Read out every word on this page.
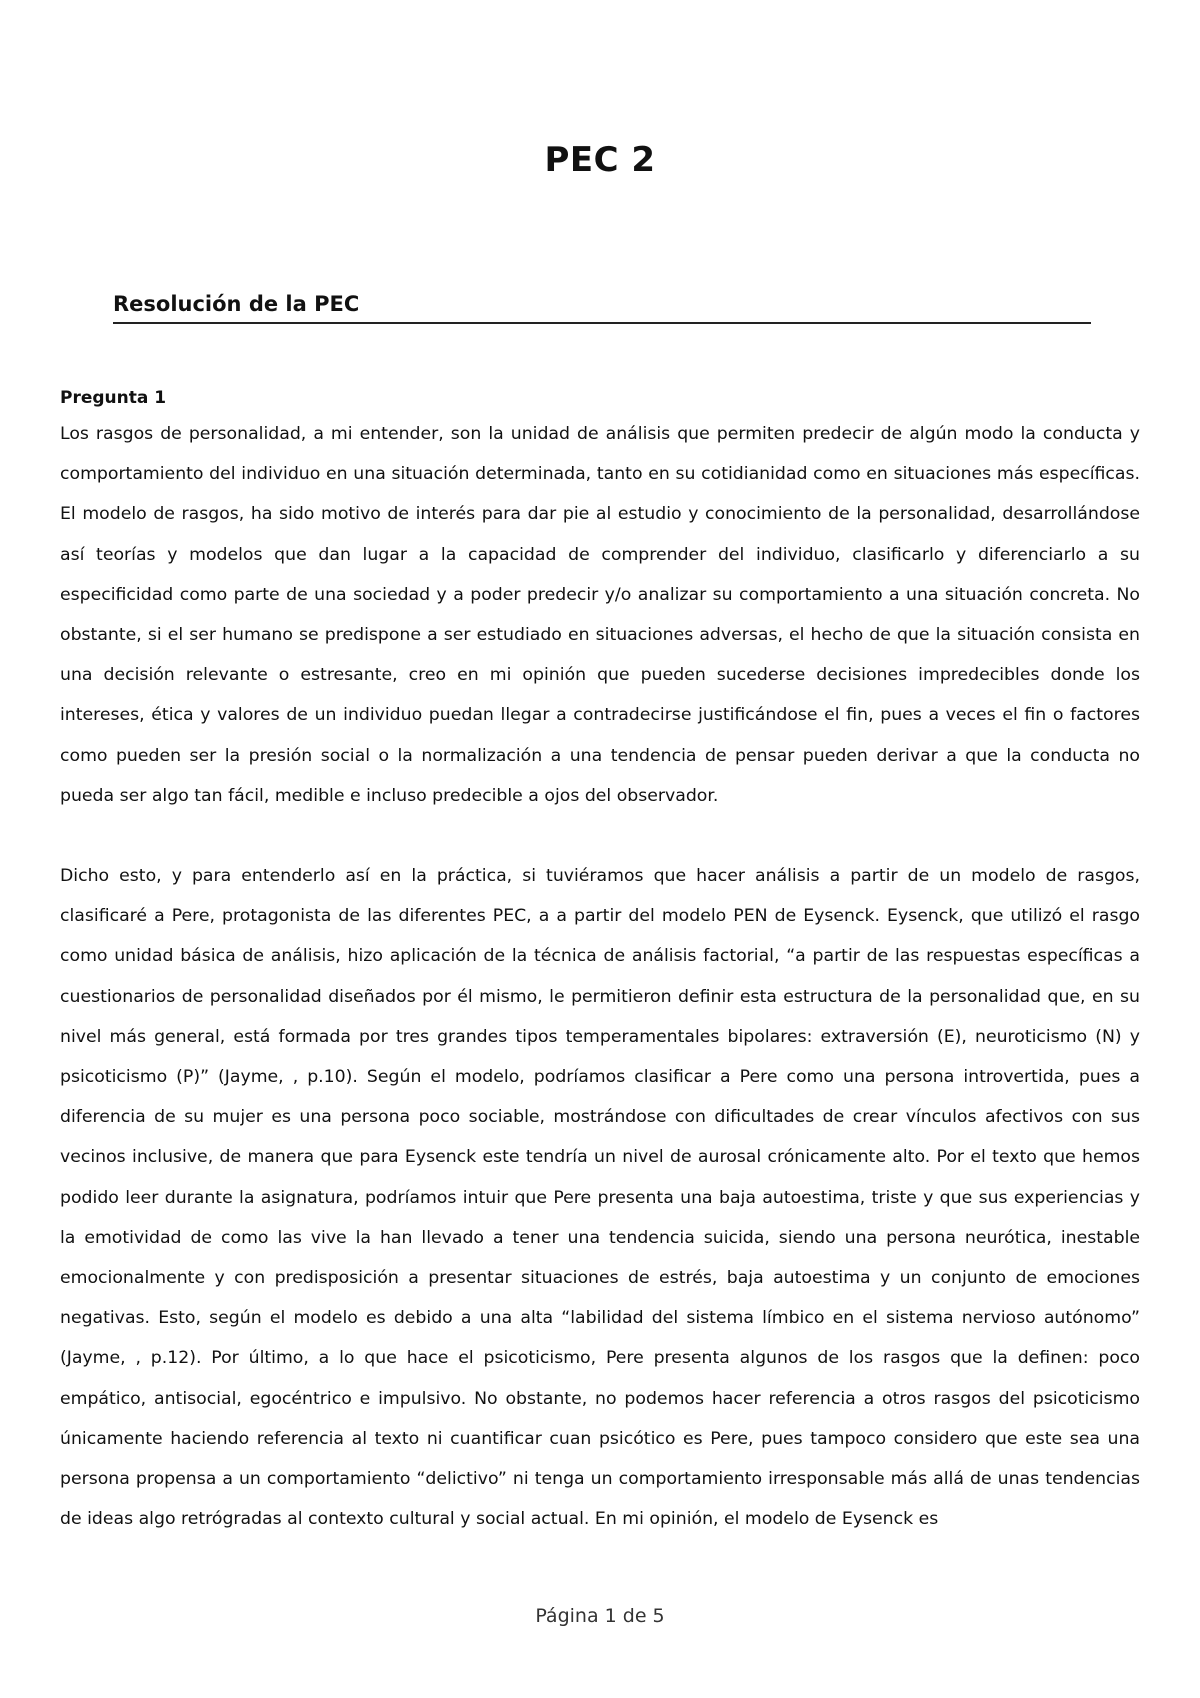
PEC 2
Resolución de la PEC
Pregunta 1

Los rasgos de personalidad, a mi entender, son la unidad de análisis que permiten predecir de algún modo la conducta y comportamiento del individuo en una situación determinada, tanto en su cotidianidad como en situaciones más específicas. El modelo de rasgos, ha sido motivo de interés para dar pie al estudio y conocimiento de la personalidad, desarrollándose así teorías y modelos que dan lugar a la capacidad de comprender del individuo, clasificarlo y diferenciarlo a su especificidad como parte de una sociedad y a poder predecir y/o analizar su comportamiento a una situación concreta. No obstante, si el ser humano se predispone a ser estudiado en situaciones adversas, el hecho de que la situación consista en una decisión relevante o estresante, creo en mi opinión que pueden sucederse decisiones impredecibles donde los intereses, ética y valores de un individuo puedan llegar a contradecirse justificándose el fin, pues a veces el fin o factores como pueden ser la presión social o la normalización a una tendencia de pensar pueden derivar a que la conducta no pueda ser algo tan fácil, medible e incluso predecible a ojos del observador.

Dicho esto, y para entenderlo así en la práctica, si tuviéramos que hacer análisis a partir de un modelo de rasgos, clasificaré a Pere, protagonista de las diferentes PEC, a a partir del modelo PEN de Eysenck. Eysenck, que utilizó el rasgo como unidad básica de análisis, hizo aplicación de la técnica de análisis factorial, “a partir de las respuestas específicas a cuestionarios de personalidad diseñados por él mismo, le permitieron definir esta estructura de la personalidad que, en su nivel más general, está formada por tres grandes tipos temperamentales bipolares: extraversión (E), neuroticismo (N) y psicoticismo (P)” (Jayme, , p.10). Según el modelo, podríamos clasificar a Pere como una persona introvertida, pues a diferencia de su mujer es una persona poco sociable, mostrándose con dificultades de crear vínculos afectivos con sus vecinos inclusive, de manera que para Eysenck este tendría un nivel de aurosal crónicamente alto. Por el texto que hemos podido leer durante la asignatura, podríamos intuir que Pere presenta una baja autoestima, triste y que sus experiencias y la emotividad de como las vive la han llevado a tener una tendencia suicida, siendo una persona neurótica, inestable emocionalmente y con predisposición a presentar situaciones de estrés, baja autoestima y un conjunto de emociones negativas. Esto, según el modelo es debido a una alta “labilidad del sistema límbico en el sistema nervioso autónomo” (Jayme, , p.12). Por último, a lo que hace el psicoticismo, Pere presenta algunos de los rasgos que la definen: poco empático, antisocial, egocéntrico e impulsivo. No obstante, no podemos hacer referencia a otros rasgos del psicoticismo únicamente haciendo referencia al texto ni cuantificar cuan psicótico es Pere, pues tampoco considero que este sea una persona propensa a un comportamiento “delictivo” ni tenga un comportamiento irresponsable más allá de unas tendencias de ideas algo retrógradas al contexto cultural y social actual. En mi opinión, el modelo de Eysenck es

Página 1 de 5
